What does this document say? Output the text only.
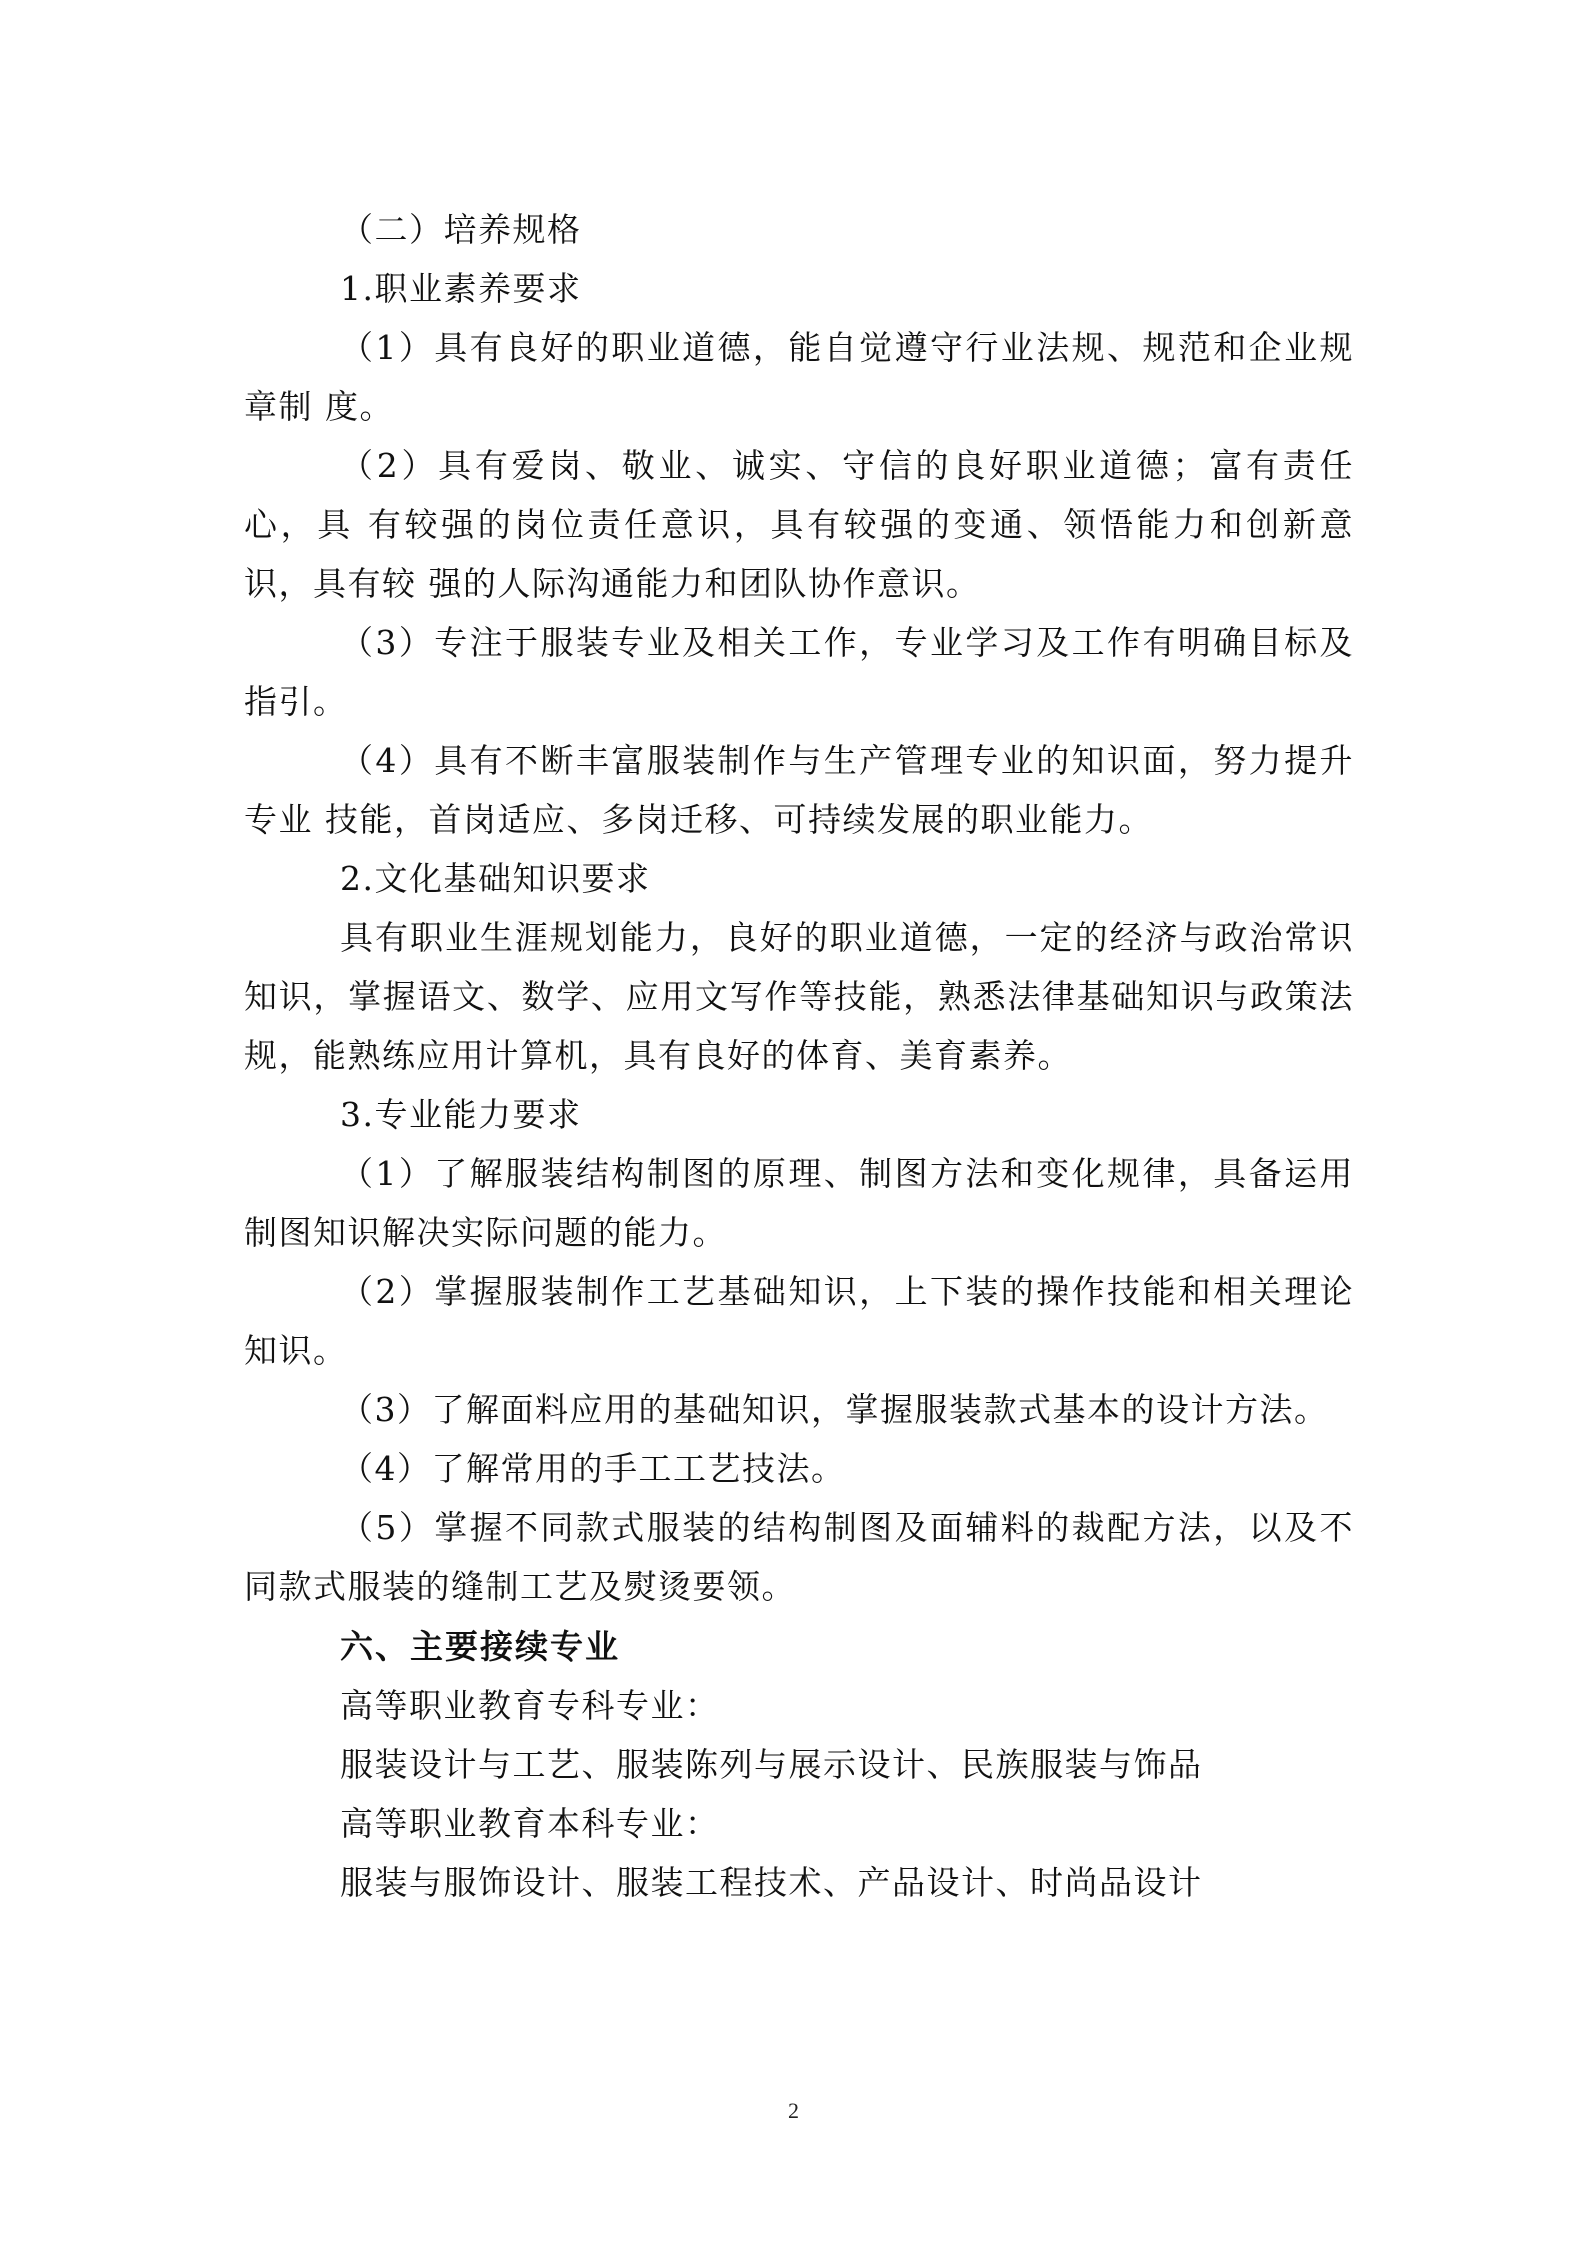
（二）培养规格

1.职业素养要求

（1）具有良好的职业道德，能自觉遵守行业法规、规范和企业规章制 度。

（2）具有爱岗、敬业、诚实、守信的良好职业道德；富有责任心，具 有较强的岗位责任意识，具有较强的变通、领悟能力和创新意识，具有较 强的人际沟通能力和团队协作意识。

（3）专注于服装专业及相关工作，专业学习及工作有明确目标及指引。

（4）具有不断丰富服装制作与生产管理专业的知识面，努力提升专业 技能，首岗适应、多岗迁移、可持续发展的职业能力。

2.文化基础知识要求

具有职业生涯规划能力，良好的职业道德，一定的经济与政治常识知识，掌握语文、数学、应用文写作等技能，熟悉法律基础知识与政策法规，能熟练应用计算机，具有良好的体育、美育素养。

3.专业能力要求

（1）了解服装结构制图的原理、制图方法和变化规律，具备运用制图知识解决实际问题的能力。

（2）掌握服装制作工艺基础知识，上下装的操作技能和相关理论知识。

（3）了解面料应用的基础知识，掌握服装款式基本的设计方法。

（4）了解常用的手工工艺技法。

（5）掌握不同款式服装的结构制图及面辅料的裁配方法，以及不同款式服装的缝制工艺及熨烫要领。

六、主要接续专业

高等职业教育专科专业：

服装设计与工艺、服装陈列与展示设计、民族服装与饰品

高等职业教育本科专业：

服装与服饰设计、服装工程技术、产品设计、时尚品设计

2
